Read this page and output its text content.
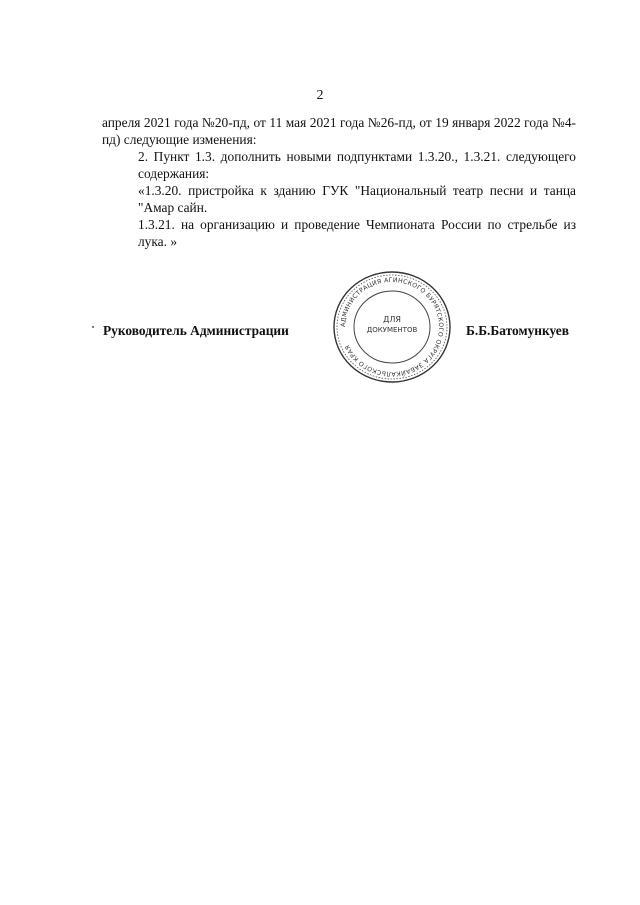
2

апреля 2021 года №20-пд, от 11 мая 2021 года №26-пд, от 19 января 2022 года №4-пд) следующие изменения:

2. Пункт 1.3. дополнить новыми подпунктами 1.3.20., 1.3.21. следующего содержания:

«1.3.20. пристройка к зданию ГУК "Национальный театр песни и танца "Амар сайн.

1.3.21. на организацию и проведение Чемпионата России по стрельбе из лука. »

Руководитель Администрации	Б.Б.Батомункуев
АДМИНИСТРАЦИЯ АГИНСКОГО БУРЯТСКОГО ОКРУГА ЗАБАЙКАЛЬСКОГО КРАЯ
ДЛЯ
ДОКУМЕНТОВ
